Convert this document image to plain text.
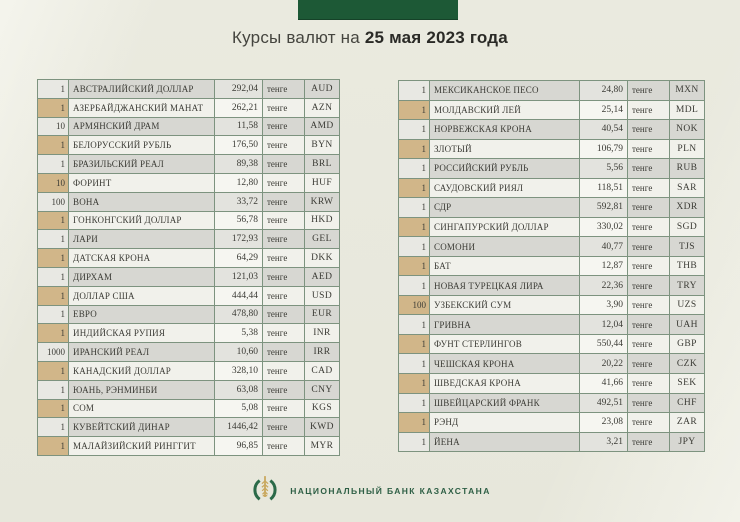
Курсы валют на 25 мая 2023 года
1 АВСТРАЛИЙСКИЙ ДОЛЛАР	292,04	тенге	AUD
1 АЗЕРБАЙДЖАНСКИЙ МАНАТ	262,21	тенге	AZN
10 АРМЯНСКИЙ ДРАМ	11,58	тенге	AMD
1 БЕЛОРУССКИЙ РУБЛЬ	176,50	тенге	BYN
1 БРАЗИЛЬСКИЙ РЕАЛ	89,38	тенге	BRL
10 ФОРИНТ	12,80	тенге	HUF
100 ВОНА	33,72	тенге	KRW
1 ГОНКОНГСКИЙ ДОЛЛАР	56,78	тенге	HKD
1 ЛАРИ	172,93	тенге	GEL
1 ДАТСКАЯ КРОНА	64,29	тенге	DKK
1 ДИРХАМ	121,03	тенге	AED
1 ДОЛЛАР США	444,44	тенге	USD
1 ЕВРО	478,80	тенге	EUR
1 ИНДИЙСКАЯ РУПИЯ	5,38	тенге	INR
1000 ИРАНСКИЙ РЕАЛ	10,60	тенге	IRR
1 КАНАДСКИЙ ДОЛЛАР	328,10	тенге	CAD
1 ЮАНЬ, РЭНМИНБИ	63,08	тенге	CNY
1 СОМ	5,08	тенге	KGS
1 КУВЕЙТСКИЙ ДИНАР	1446,42	тенге	KWD
1 МАЛАЙЗИЙСКИЙ РИНГГИТ	96,85	тенге	MYR
1 МЕКСИКАНСКОЕ ПЕСО	24,80	тенге	MXN
1 МОЛДАВСКИЙ ЛЕЙ	25,14	тенге	MDL
1 НОРВЕЖСКАЯ КРОНА	40,54	тенге	NOK
1 ЗЛОТЫЙ	106,79	тенге	PLN
1 РОССИЙСКИЙ РУБЛЬ	5,56	тенге	RUB
1 САУДОВСКИЙ РИЯЛ	118,51	тенге	SAR
1 СДР	592,81	тенге	XDR
1 СИНГАПУРСКИЙ ДОЛЛАР	330,02	тенге	SGD
1 СОМОНИ	40,77	тенге	TJS
1 БАТ	12,87	тенге	THB
1 НОВАЯ ТУРЕЦКАЯ ЛИРА	22,36	тенге	TRY
100 УЗБЕКСКИЙ СУМ	3,90	тенге	UZS
1 ГРИВНА	12,04	тенге	UAH
1 ФУНТ СТЕРЛИНГОВ	550,44	тенге	GBP
1 ЧЕШСКАЯ КРОНА	20,22	тенге	CZK
1 ШВЕДСКАЯ КРОНА	41,66	тенге	SEK
1 ШВЕЙЦАРСКИЙ ФРАНК	492,51	тенге	CHF
1 РЭНД	23,08	тенге	ZAR
1 ЙЕНА	3,21	тенге	JPY
НАЦИОНАЛЬНЫЙ БАНК КАЗАХСТАНА
